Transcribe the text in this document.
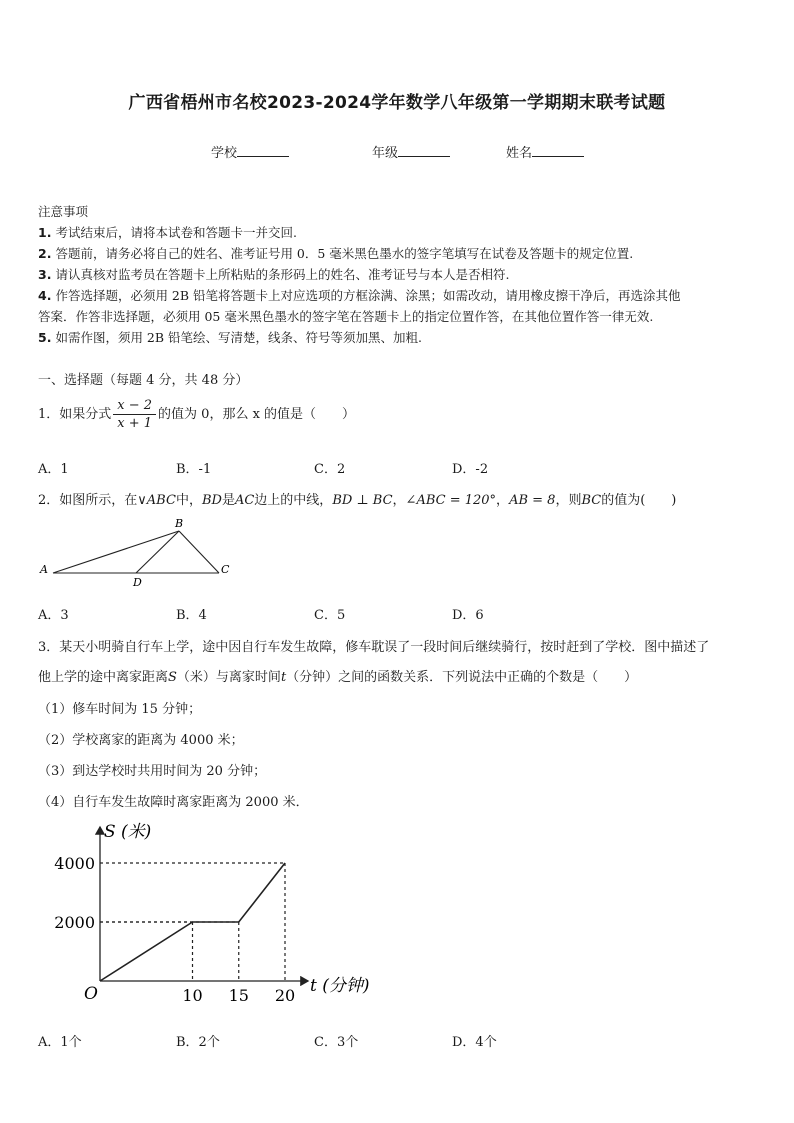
广西省梧州市名校2023-2024学年数学八年级第一学期期末联考试题
学校	年级	姓名
注意事项
1. 考试结束后，请将本试卷和答题卡一并交回.
2. 答题前，请务必将自己的姓名、准考证号用 0．5 毫米黑色墨水的签字笔填写在试卷及答题卡的规定位置.
3. 请认真核对监考员在答题卡上所粘贴的条形码上的姓名、准考证号与本人是否相符.
4. 作答选择题，必须用 2B 铅笔将答题卡上对应选项的方框涂满、涂黑；如需改动，请用橡皮擦干净后，再选涂其他
答案．作答非选择题，必须用 05 毫米黑色墨水的签字笔在答题卡上的指定位置作答，在其他位置作答一律无效.
5. 如需作图，须用 2B 铅笔绘、写清楚，线条、符号等须加黑、加粗.
一、选择题（每题 4 分，共 48 分）
1．如果分式 $\frac{x - 2}{x + 1}$ 的值为 0，那么 x 的值是（　　）
A．1	B．-1	C．2	D．-2
2．如图所示，在∨ABC中，BD是AC边上的中线，BD ⊥ BC，∠ABC = 120°，AB = 8，则BC的值为(　　)
A
B
C
D
A．3	B．4	C．5	D．6
3．某天小明骑自行车上学，途中因自行车发生故障，修车耽误了一段时间后继续骑行，按时赶到了学校．图中描述了
他上学的途中离家距离S（米）与离家时间t（分钟）之间的函数关系．下列说法中正确的个数是（　　）
（1）修车时间为 15 分钟；
（2）学校离家的距离为 4000 米；
（3）到达学校时共用时间为 20 分钟；
（4）自行车发生故障时离家距离为 2000 米．
O	t (分钟)
S (米)
10 15 20
2000
4000
A．1个	B．2个	C．3个	D．4个
